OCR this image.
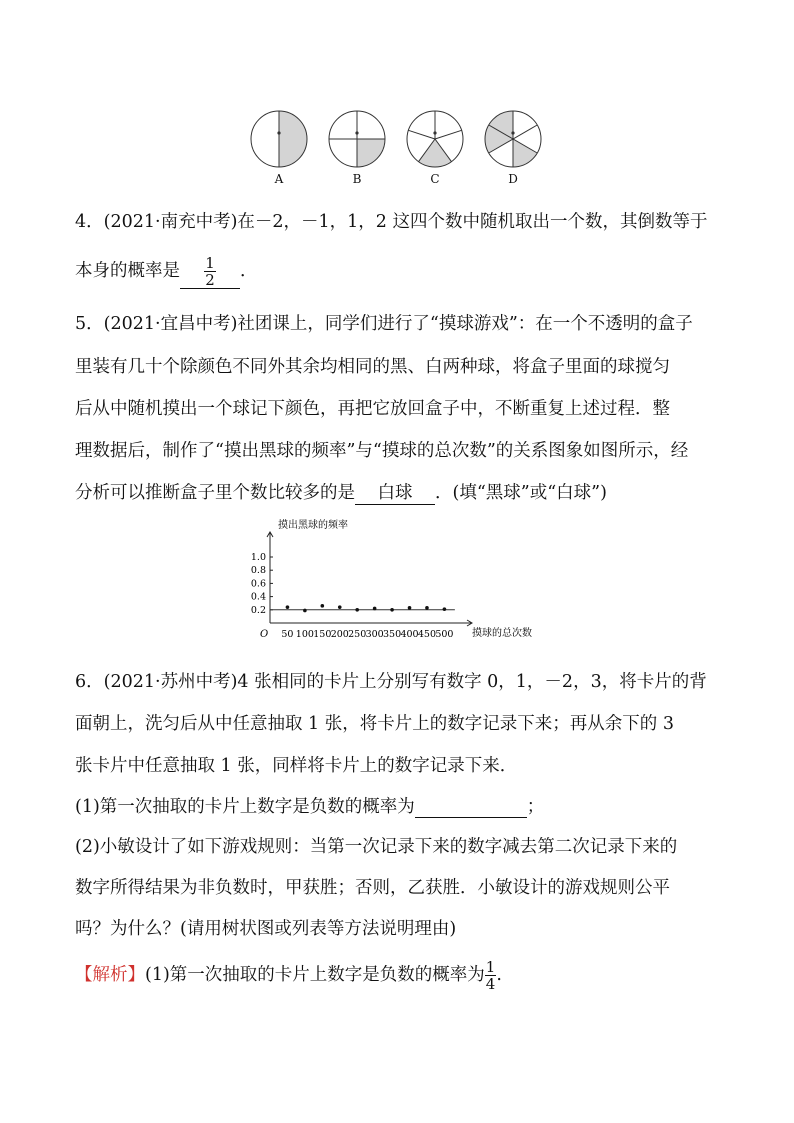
A	B	C	D
4．(2021·南充中考)在－2，－1，1，2 这四个数中随机取出一个数，其倒数等于
本身的概率是 $\frac{1}{2}$ ．
5．(2021·宜昌中考)社团课上，同学们进行了“摸球游戏”：在一个不透明的盒子
里装有几十个除颜色不同外其余均相同的黑、白两种球，将盒子里面的球搅匀
后从中随机摸出一个球记下颜色，再把它放回盒子中，不断重复上述过程．整
理数据后，制作了“摸出黑球的频率”与“摸球的总次数”的关系图象如图所示，经
分析可以推断盒子里个数比较多的是 白球 ．(填“黑球”或“白球”)
摸出黑球的频率
摸球的总次数
O
0.2
0.4
0.6
0.8
1.0
50 100 150 200 250 300 350 400 450 500
6．(2021·苏州中考)4 张相同的卡片上分别写有数字 0，1，－2，3，将卡片的背
面朝上，洗匀后从中任意抽取 1 张，将卡片上的数字记录下来；再从余下的 3
张卡片中任意抽取 1 张，同样将卡片上的数字记录下来．
(1)第一次抽取的卡片上数字是负数的概率为	；
(2)小敏设计了如下游戏规则：当第一次记录下来的数字减去第二次记录下来的
数字所得结果为非负数时，甲获胜；否则，乙获胜．小敏设计的游戏规则公平
吗？为什么？(请用树状图或列表等方法说明理由)
【解析】(1)第一次抽取的卡片上数字是负数的概率为 $\frac{1}{4}$ .
